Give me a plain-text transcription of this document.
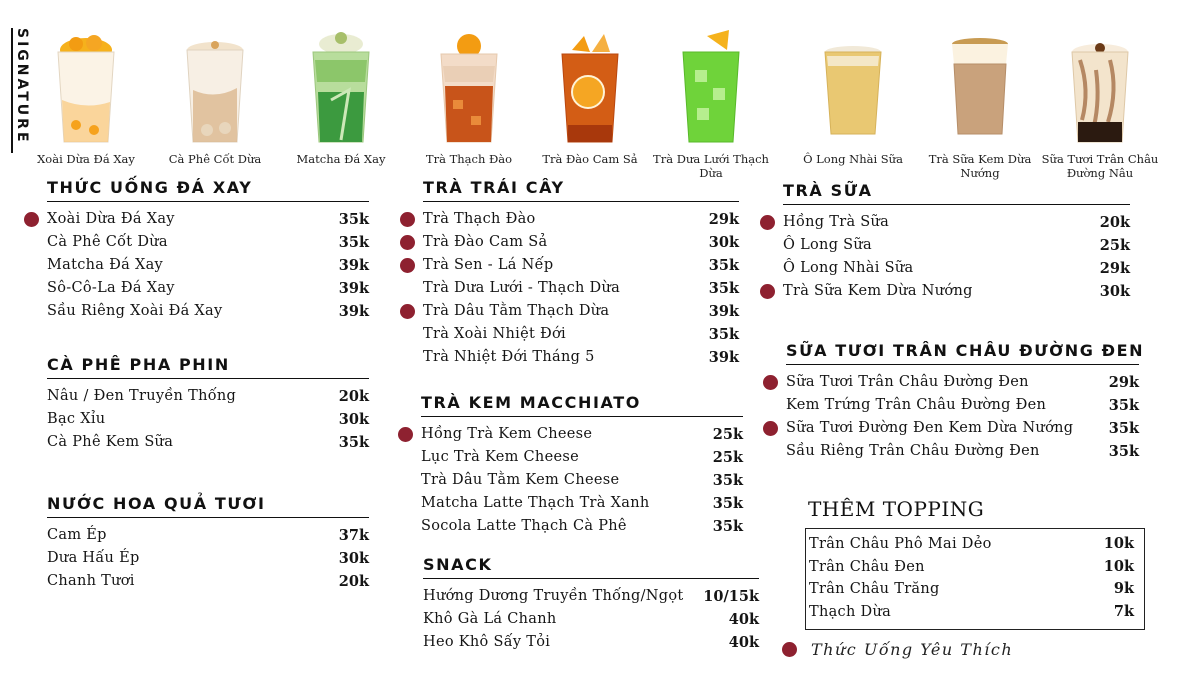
SIGNATURE
Xoài Dừa Đá Xay	Cà Phê Cốt Dừa	Matcha Đá Xay	Trà Thạch Đào	Trà Đào Cam Sả	Trà Dưa Lưới Thạch Dừa
Ô Long Nhài Sữa	Trà Sữa Kem Dừa Nướng
Sữa Tươi Trân Châu Đường Nâu
THỨC UỐNG ĐÁ XAY
Xoài Dừa Đá Xay	35k
Cà Phê Cốt Dừa	35k
Matcha Đá Xay	39k
Sô-Cô-La Đá Xay	39k
Sầu Riêng Xoài Đá Xay	39k
CÀ PHÊ PHA PHIN
Nâu / Đen Truyền Thống	20k
Bạc Xỉu	30k
Cà Phê Kem Sữa	35k
NƯỚC HOA QUẢ TƯƠI
Cam Ép	37k
Dưa Hấu Ép	30k
Chanh Tươi	20k
TRÀ TRÁI CÂY
Trà Thạch Đào	29k
Trà Đào Cam Sả	30k
Trà Sen - Lá Nếp	35k
Trà Dưa Lưới - Thạch Dừa	35k
Trà Dâu Tằm Thạch Dừa	39k
Trà Xoài Nhiệt Đới	35k
Trà Nhiệt Đới Tháng 5	39k
TRÀ KEM MACCHIATO
Hồng Trà Kem Cheese	25k
Lục Trà Kem Cheese	25k
Trà Dâu Tằm Kem Cheese	35k
Matcha Latte Thạch Trà Xanh	35k
Socola Latte Thạch Cà Phê	35k
SNACK
Hướng Dương Truyền Thống/Ngọt 10/15k
Khô Gà Lá Chanh	40k
Heo Khô Sấy Tỏi	40k
TRÀ SỮA
Hồng Trà Sữa	20k
Ô Long Sữa	25k
Ô Long Nhài Sữa	29k
Trà Sữa Kem Dừa Nướng	30k
SỮA TƯƠI TRÂN CHÂU ĐƯỜNG ĐEN
Sữa Tươi Trân Châu Đường Đen	29k
Kem Trứng Trân Châu Đường Đen	35k
Sữa Tươi Đường Đen Kem Dừa Nướng 35k
Sầu Riêng Trân Châu Đường Đen	35k
THÊM TOPPING
Trân Châu Phô Mai Dẻo	10k
Trân Châu Đen	10k
Trân Châu Trăng	9k
Thạch Dừa	7k
Thức Uống Yêu Thích
